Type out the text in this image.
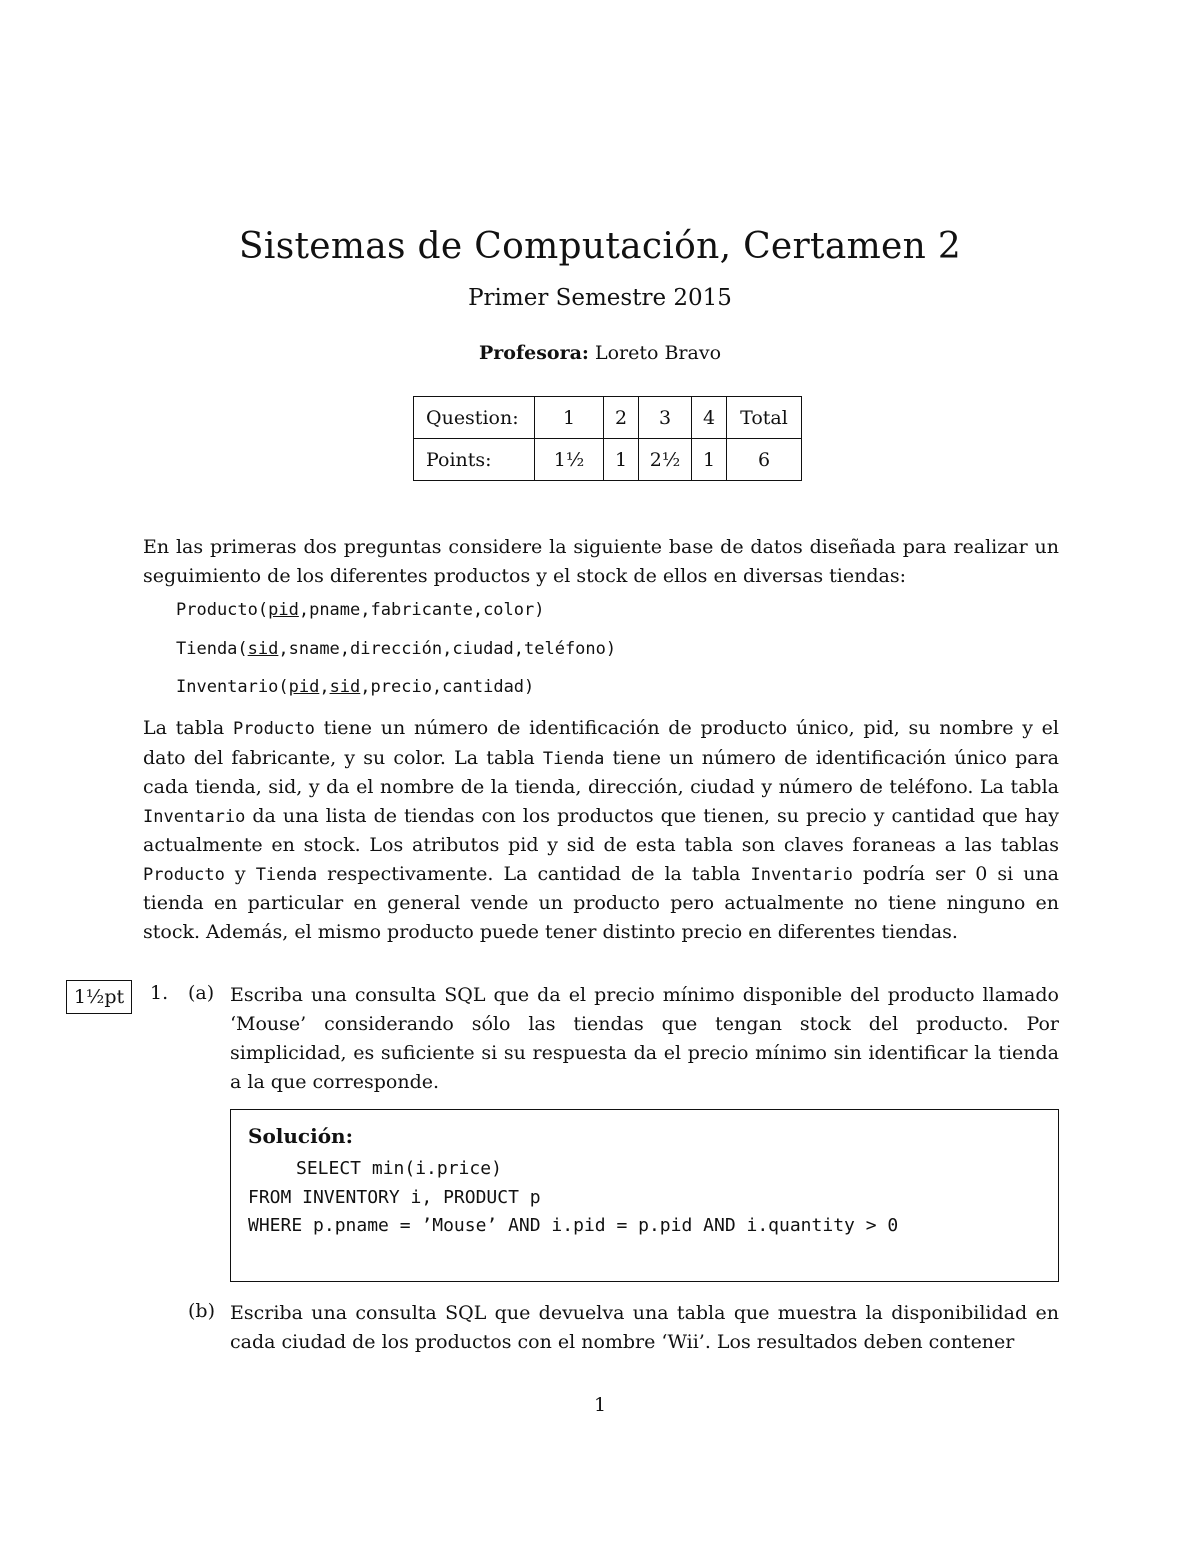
Sistemas de Computación, Certamen 2
Primer Semestre 2015
Profesora: Loreto Bravo
Question:	1	2	3	4	Total
Points:	1½	1	2½	1	6
En las primeras dos preguntas considere la siguiente base de datos diseñada para realizar un seguimiento de los diferentes productos y el stock de ellos en diversas tiendas:
Producto(pid,pname,fabricante,color)
Tienda(sid,sname,dirección,ciudad,teléfono)
Inventario(pid,sid,precio,cantidad)
La tabla Producto tiene un número de identificación de producto único, pid, su nombre y el dato del fabricante, y su color. La tabla Tienda tiene un número de identificación único para cada tienda, sid, y da el nombre de la tienda, dirección, ciudad y número de teléfono. La tabla Inventario da una lista de tiendas con los productos que tienen, su precio y cantidad que hay actualmente en stock. Los atributos pid y sid de esta tabla son claves foraneas a las tablas Producto y Tienda respectivamente. La cantidad de la tabla Inventario podría ser 0 si una tienda en particular en general vende un producto pero actualmente no tiene ninguno en stock. Además, el mismo producto puede tener distinto precio en diferentes tiendas.
1½pt	1. (a) Escriba una consulta SQL que da el precio mínimo disponible del producto llamado ‘Mouse’ considerando sólo las tiendas que tengan stock del producto. Por simplicidad, es suficiente si su respuesta da el precio mínimo sin identificar la tienda a la que corresponde.
Solución:
SELECT min(i.price)
FROM INVENTORY i, PRODUCT p
WHERE p.pname = ’Mouse’ AND i.pid = p.pid AND i.quantity > 0
(b) Escriba una consulta SQL que devuelva una tabla que muestra la disponibilidad en cada ciudad de los productos con el nombre ‘Wii’. Los resultados deben contener
1
